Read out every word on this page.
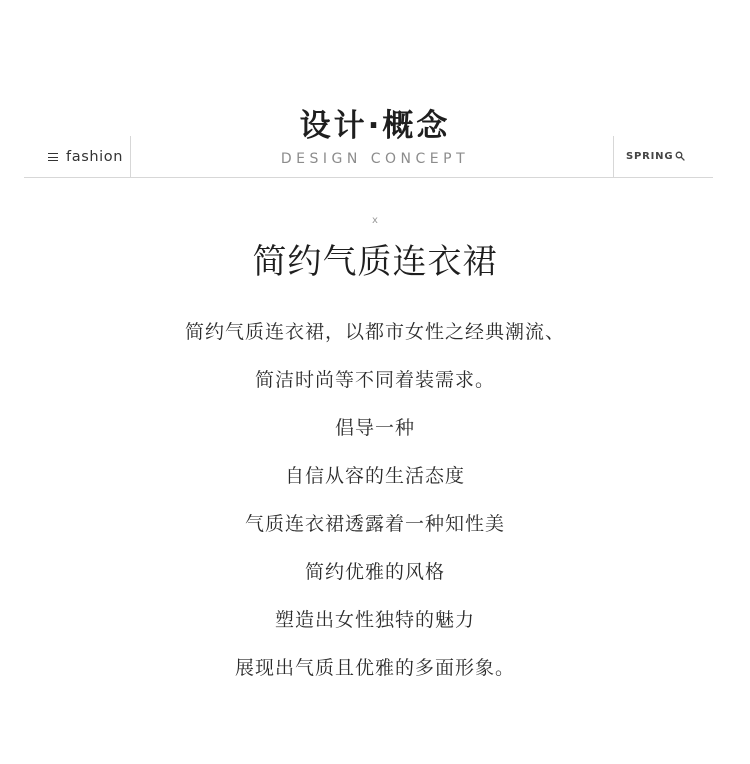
fashion
设计·概念
DESIGN CONCEPT	SPRING
x
简约气质连衣裙
简约气质连衣裙，以都市女性之经典潮流、
简洁时尚等不同着装需求。
倡导一种
自信从容的生活态度
气质连衣裙透露着一种知性美
简约优雅的风格
塑造出女性独特的魅力
展现出气质且优雅的多面形象。
